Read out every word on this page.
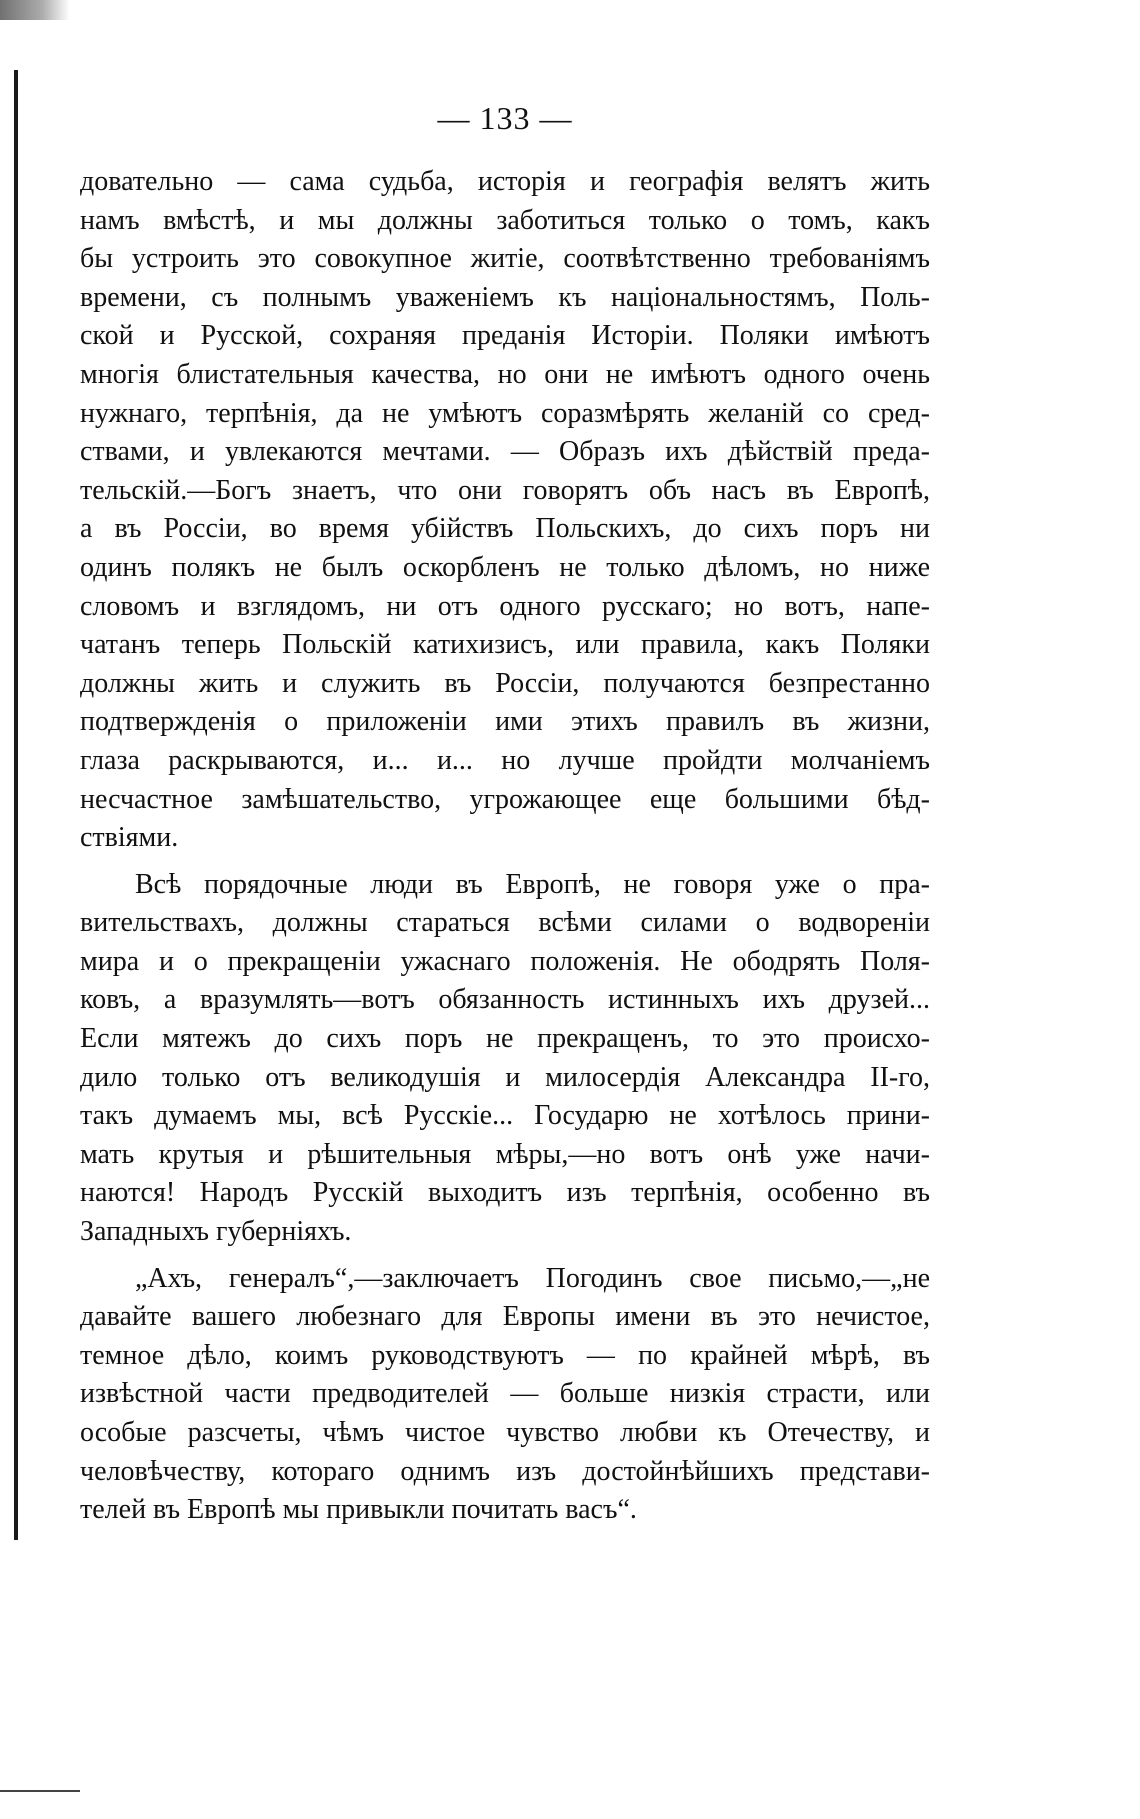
— 133 —
довательно — сама судьба, исторія и географія велятъ жить
намъ вмѣстѣ, и мы должны заботиться только о томъ, какъ
бы устроить это совокупное житіе, соотвѣтственно требованіямъ
времени, съ полнымъ уваженіемъ къ національностямъ, Поль-
ской и Русской, сохраняя преданія Исторіи. Поляки имѣютъ
многія блистательныя качества, но они не имѣютъ одного очень
нужнаго, терпѣнія, да не умѣютъ соразмѣрять желаній со сред-
ствами, и увлекаются мечтами. — Образъ ихъ дѣйствій преда-
тельскій.—Богъ знаетъ, что они говорятъ объ насъ въ Европѣ,
а въ Россіи, во время убійствъ Польскихъ, до сихъ поръ ни
одинъ полякъ не былъ оскорбленъ не только дѣломъ, но ниже
словомъ и взглядомъ, ни отъ одного русскаго; но вотъ, напе-
чатанъ теперь Польскій катихизисъ, или правила, какъ Поляки
должны жить и служить въ Россіи, получаются безпрестанно
подтвержденія о приложеніи ими этихъ правилъ въ жизни,
глаза раскрываются, и... и... но лучше пройдти молчаніемъ
несчастное замѣшательство, угрожающее еще большими бѣд-
ствіями.
Всѣ порядочные люди въ Европѣ, не говоря уже о пра-
вительствахъ, должны стараться всѣми силами о водвореніи
мира и о прекращеніи ужаснаго положенія. Не ободрять Поля-
ковъ, а вразумлять—вотъ обязанность истинныхъ ихъ друзей...
Если мятежъ до сихъ поръ не прекращенъ, то это происхо-
дило только отъ великодушія и милосердія Александра II-го,
такъ думаемъ мы, всѣ Русскіе... Государю не хотѣлось прини-
мать крутыя и рѣшительныя мѣры,—но вотъ онѣ уже начи-
наются! Народъ Русскій выходитъ изъ терпѣнія, особенно въ
Западныхъ губерніяхъ.
„Ахъ, генералъ“,—заключаетъ Погодинъ свое письмо,—„не
давайте вашего любезнаго для Европы имени въ это нечистое,
темное дѣло, коимъ руководствуютъ — по крайней мѣрѣ, въ
извѣстной части предводителей — больше низкія страсти, или
особые разсчеты, чѣмъ чистое чувство любви къ Отечеству, и
человѣчеству, котораго однимъ изъ достойнѣйшихъ представи-
телей въ Европѣ мы привыкли почитать васъ“.
